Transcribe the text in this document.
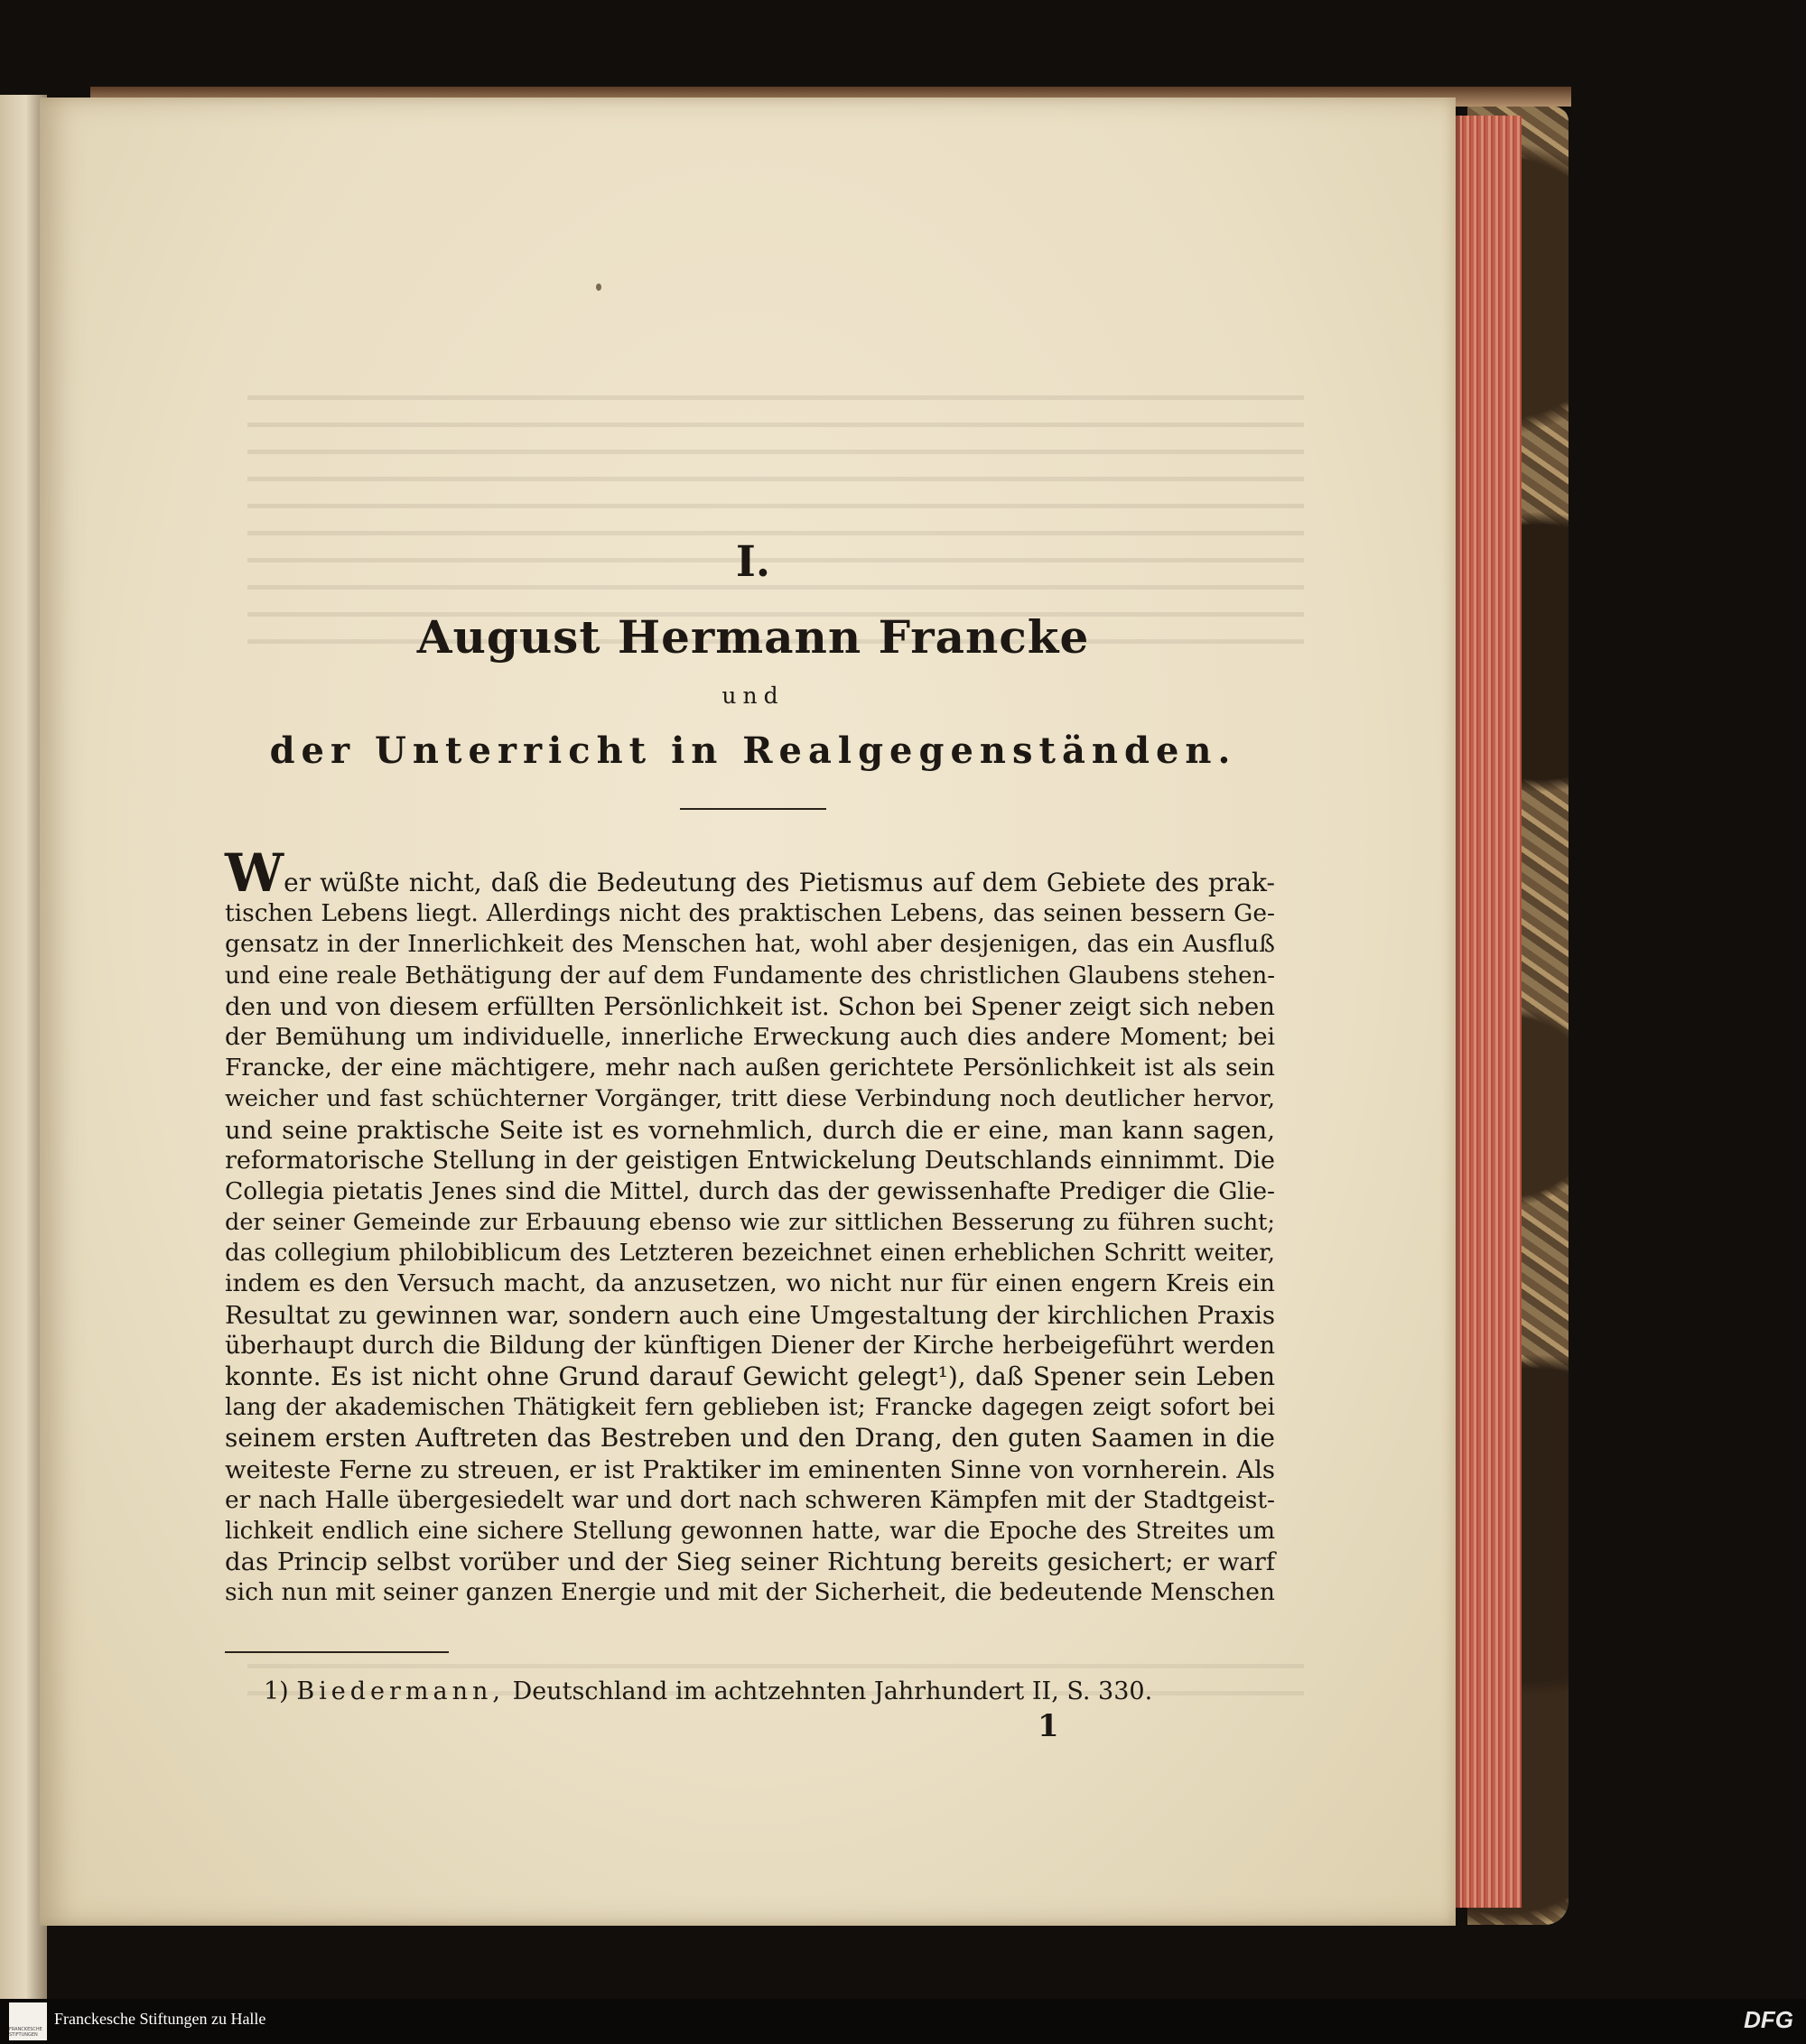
I.
August Hermann Francke
und
der Unterricht in Realgegenständen.
Wer wüßte nicht, daß die Bedeutung des Pietismus auf dem Gebiete des prak-
tischen Lebens liegt. Allerdings nicht des praktischen Lebens, das seinen bessern Ge-
gensatz in der Innerlichkeit des Menschen hat, wohl aber desjenigen, das ein Ausfluß
und eine reale Bethätigung der auf dem Fundamente des christlichen Glaubens stehen-
den und von diesem erfüllten Persönlichkeit ist. Schon bei Spener zeigt sich neben
der Bemühung um individuelle, innerliche Erweckung auch dies andere Moment; bei
Francke, der eine mächtigere, mehr nach außen gerichtete Persönlichkeit ist als sein
weicher und fast schüchterner Vorgänger, tritt diese Verbindung noch deutlicher hervor,
und seine praktische Seite ist es vornehmlich, durch die er eine, man kann sagen,
reformatorische Stellung in der geistigen Entwickelung Deutschlands einnimmt. Die
Collegia pietatis Jenes sind die Mittel, durch das der gewissenhafte Prediger die Glie-
der seiner Gemeinde zur Erbauung ebenso wie zur sittlichen Besserung zu führen sucht;
das collegium philobiblicum des Letzteren bezeichnet einen erheblichen Schritt weiter,
indem es den Versuch macht, da anzusetzen, wo nicht nur für einen engern Kreis ein
Resultat zu gewinnen war, sondern auch eine Umgestaltung der kirchlichen Praxis
überhaupt durch die Bildung der künftigen Diener der Kirche herbeigeführt werden
konnte. Es ist nicht ohne Grund darauf Gewicht gelegt¹), daß Spener sein Leben
lang der akademischen Thätigkeit fern geblieben ist; Francke dagegen zeigt sofort bei
seinem ersten Auftreten das Bestreben und den Drang, den guten Saamen in die
weiteste Ferne zu streuen, er ist Praktiker im eminenten Sinne von vornherein. Als
er nach Halle übergesiedelt war und dort nach schweren Kämpfen mit der Stadtgeist-
lichkeit endlich eine sichere Stellung gewonnen hatte, war die Epoche des Streites um
das Princip selbst vorüber und der Sieg seiner Richtung bereits gesichert; er warf
sich nun mit seiner ganzen Energie und mit der Sicherheit, die bedeutende Menschen
1) Biedermann, Deutschland im achtzehnten Jahrhundert II, S. 330.
1
FRANCKESCHE STIFTUNGEN
Franckesche Stiftungen zu Halle	DFG
